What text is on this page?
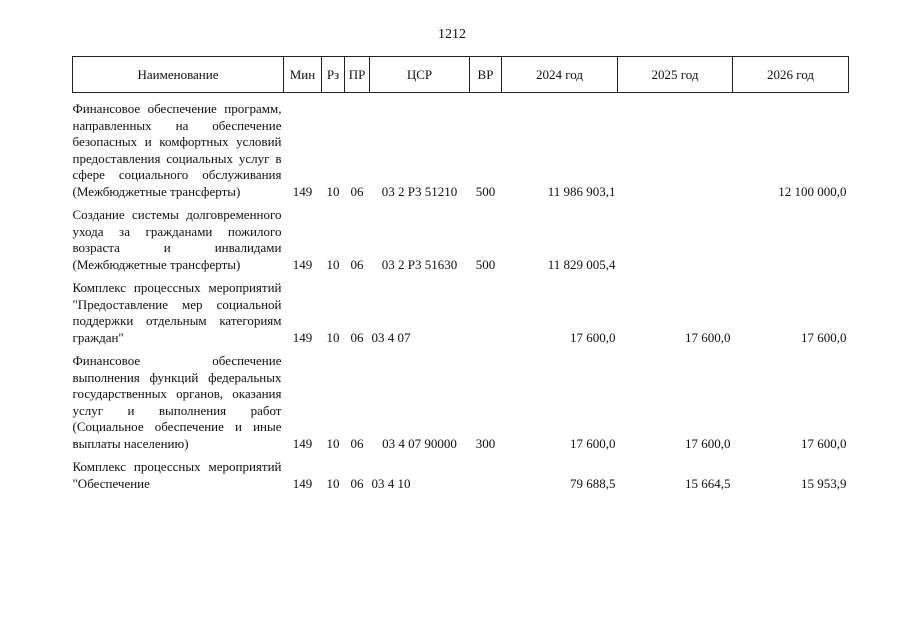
1212
Наименование	Мин	Рз	ПР	ЦСР	ВР	2024 год	2025 год	2026 год
Финансовое обеспечение программ, направленных на обеспечение безопасных и комфортных условий предоставления социальных услуг в сфере социального обслуживания (Межбюджетные трансферты)	149	10	06	03 2 Р3 51210	500	11 986 903,1		12 100 000,0
Создание системы долговременного ухода за гражданами пожилого возраста и инвалидами (Межбюджетные трансферты)	149	10	06	03 2 Р3 51630	500	11 829 005,4		
Комплекс процессных мероприятий "Предоставление мер социальной поддержки отдельным категориям граждан"	149	10	06	03 4 07		17 600,0	17 600,0	17 600,0
Финансовое обеспечение выполнения функций федеральных государственных органов, оказания услуг и выполнения работ (Социальное обеспечение и иные выплаты населению)	149	10	06	03 4 07 90000	300	17 600,0	17 600,0	17 600,0
Комплекс процессных мероприятий "Обеспечение	149	10	06	03 4 10		79 688,5	15 664,5	15 953,9
